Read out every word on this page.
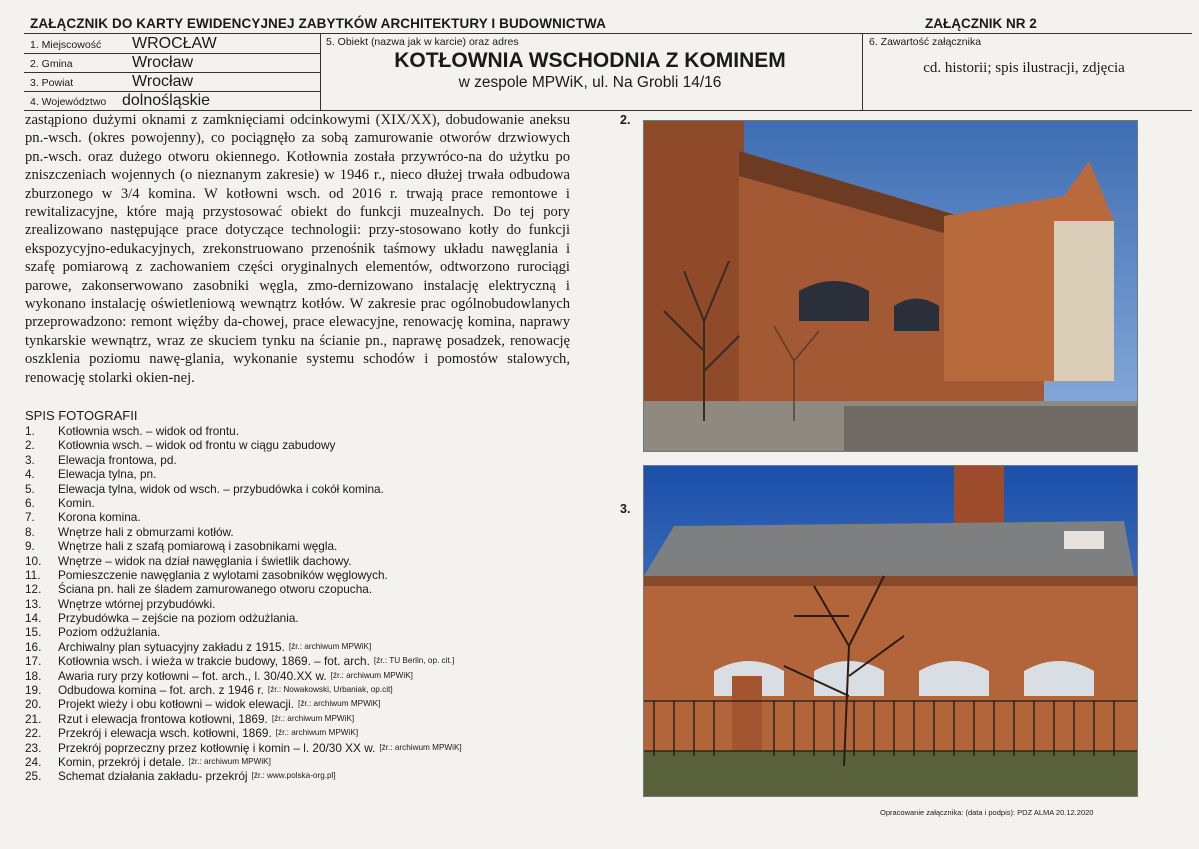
ZAŁĄCZNIK DO KARTY EWIDENCYJNEJ ZABYTKÓW ARCHITEKTURY I BUDOWNICTWA	ZAŁĄCZNIK NR 2
1. Miejscowość WROCŁAW
2. Gmina	Wrocław
3. Powiat	Wrocław
4. Województwo dolnośląskie
5. Obiekt (nazwa jak w karcie) oraz adres
KOTŁOWNIA WSCHODNIA Z KOMINEM
w zespole MPWiK, ul. Na Grobli 14/16
6. Zawartość załącznika
cd. historii; spis ilustracji, zdjęcia
zastąpiono dużymi oknami z zamknięciami odcinkowymi (XIX/XX), dobudowanie aneksu pn.-wsch. (okres powojenny), co pociągnęło za sobą zamurowanie otworów drzwiowych pn.-wsch. oraz dużego otworu okiennego. Kotłownia została przywróco-na do użytku po zniszczeniach wojennych (o nieznanym zakresie) w 1946 r., nieco dłużej trwała odbudowa zburzonego w 3/4 komina. W kotłowni wsch. od 2016 r. trwają prace remontowe i rewitalizacyjne, które mają przystosować obiekt do funkcji muzealnych. Do tej pory zrealizowano następujące prace dotyczące technologii: przy-stosowano kotły do funkcji ekspozycyjno-edukacyjnych, zrekonstruowano przenośnik taśmowy układu nawęglania i szafę pomiarową z zachowaniem części oryginalnych elementów, odtworzono rurociągi parowe, zakonserwowano zasobniki węgla, zmo-dernizowano instalację elektryczną i wykonano instalację oświetleniową wewnątrz kotłów. W zakresie prac ogólnobudowlanych przeprowadzono: remont więźby da-chowej, prace elewacyjne, renowację komina, naprawy tynkarskie wewnątrz, wraz ze skuciem tynku na ścianie pn., naprawę posadzek, renowację oszklenia poziomu nawę-glania, wykonanie systemu schodów i pomostów stalowych, renowację stolarki okien-nej.
SPIS FOTOGRAFII
1.	Kotłownia wsch. – widok od frontu.
2.	Kotłownia wsch. – widok od frontu w ciągu zabudowy
3.	Elewacja frontowa, pd.
4.	Elewacja tylna, pn.
5.	Elewacja tylna, widok od wsch. – przybudówka i cokół komina.
6.	Komin.
7.	Korona komina.
8.	Wnętrze hali z obmurzami kotłów.
9.	Wnętrze hali z szafą pomiarową i zasobnikami węgla.
10.	Wnętrze – widok na dział nawęglania i świetlik dachowy.
11.	Pomieszczenie nawęglania z wylotami zasobników węglowych.
12.	Ściana pn. hali ze śladem zamurowanego otworu czopucha.
13.	Wnętrze wtórnej przybudówki.
14.	Przybudówka – zejście na poziom odżużlania.
15.	Poziom odżużlania.
16.	Archiwalny plan sytuacyjny zakładu z 1915. [źr.: archiwum MPWiK]
17.	Kotłownia wsch. i wieża w trakcie budowy, 1869. – fot. arch. [źr.: TU Berlin, op. cit.]
18.	Awaria rury przy kotłowni – fot. arch., l. 30/40.XX w. [źr.: archiwum MPWiK]
19.	Odbudowa komina – fot. arch. z 1946 r. [źr.: Nowakowski, Urbaniak, op.cit]
20.	Projekt wieży i obu kotłowni – widok elewacji. [źr.: archiwum MPWiK]
21.	Rzut i elewacja frontowa kotłowni, 1869. [źr.: archiwum MPWiK]
22.	Przekrój i elewacja wsch. kotłowni, 1869. [źr.: archiwum MPWiK]
23.	Przekrój poprzeczny przez kotłownię i komin – l. 20/30 XX w. [źr.: archiwum MPWiK]
24.	Komin, przekrój i detale. [źr.: archiwum MPWiK]
25.	Schemat działania zakładu- przekrój [źr.: www.polska-org.pl]
2.
3.
Opracowanie załącznika: (data i podpis): PDZ ALMA 20.12.2020
